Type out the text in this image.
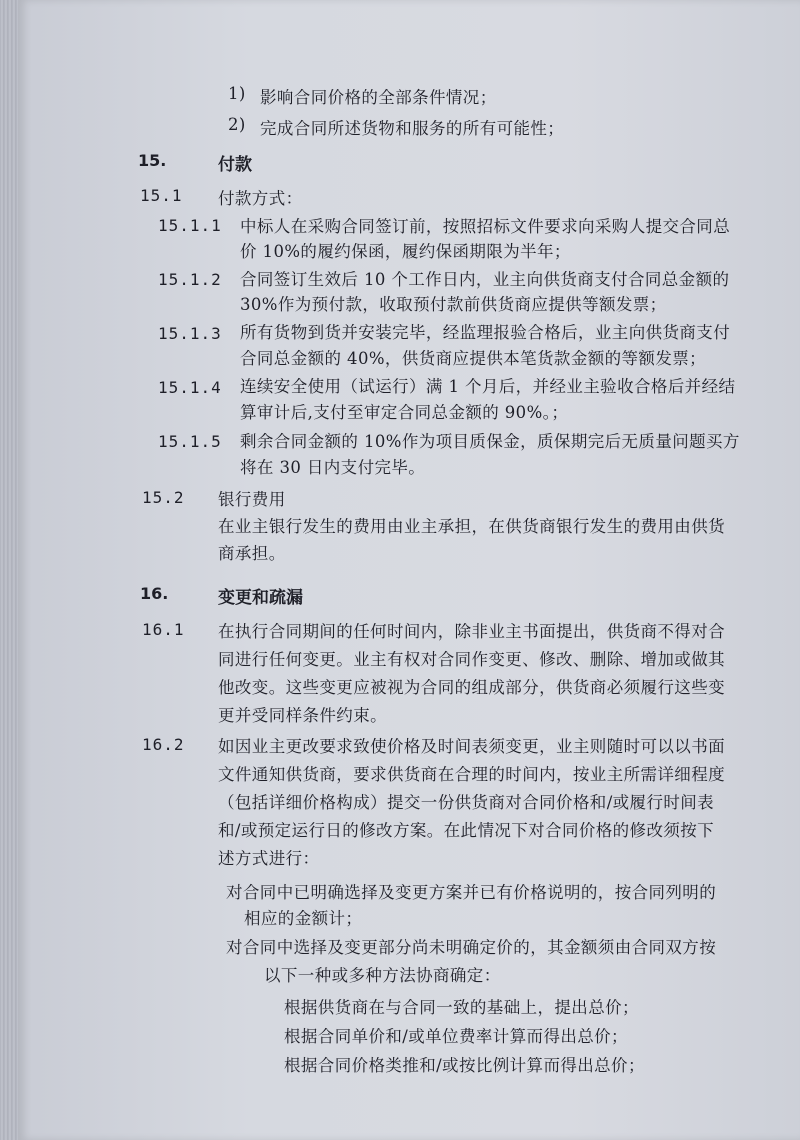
1) 影响合同价格的全部条件情况；
2) 完成合同所述货物和服务的所有可能性；
15.	付款
15.1 付款方式：
15.1.1 中标人在采购合同签订前，按照招标文件要求向采购人提交合同总
价 10%的履约保函，履约保函期限为半年；
15.1.2 合同签订生效后 10 个工作日内，业主向供货商支付合同总金额的
30%作为预付款，收取预付款前供货商应提供等额发票；
15.1.3 所有货物到货并安装完毕，经监理报验合格后，业主向供货商支付
合同总金额的 40%，供货商应提供本笔货款金额的等额发票；
15.1.4 连续安全使用（试运行）满 1 个月后，并经业主验收合格后并经结
算审计后,支付至审定合同总金额的 90%。；
15.1.5 剩余合同金额的 10%作为项目质保金，质保期完后无质量问题买方
将在 30 日内支付完毕。
15.2 银行费用
在业主银行发生的费用由业主承担，在供货商银行发生的费用由供货
商承担。
16.	变更和疏漏
16.1 在执行合同期间的任何时间内，除非业主书面提出，供货商不得对合
同进行任何变更。业主有权对合同作变更、修改、删除、增加或做其
他改变。这些变更应被视为合同的组成部分，供货商必须履行这些变
更并受同样条件约束。
16.2 如因业主更改要求致使价格及时间表须变更，业主则随时可以以书面
文件通知供货商，要求供货商在合理的时间内，按业主所需详细程度
（包括详细价格构成）提交一份供货商对合同价格和/或履行时间表
和/或预定运行日的修改方案。在此情况下对合同价格的修改须按下
述方式进行：
对合同中已明确选择及变更方案并已有价格说明的，按合同列明的
相应的金额计；
对合同中选择及变更部分尚未明确定价的，其金额须由合同双方按
以下一种或多种方法协商确定：
根据供货商在与合同一致的基础上，提出总价；
根据合同单价和/或单位费率计算而得出总价；
根据合同价格类推和/或按比例计算而得出总价；
